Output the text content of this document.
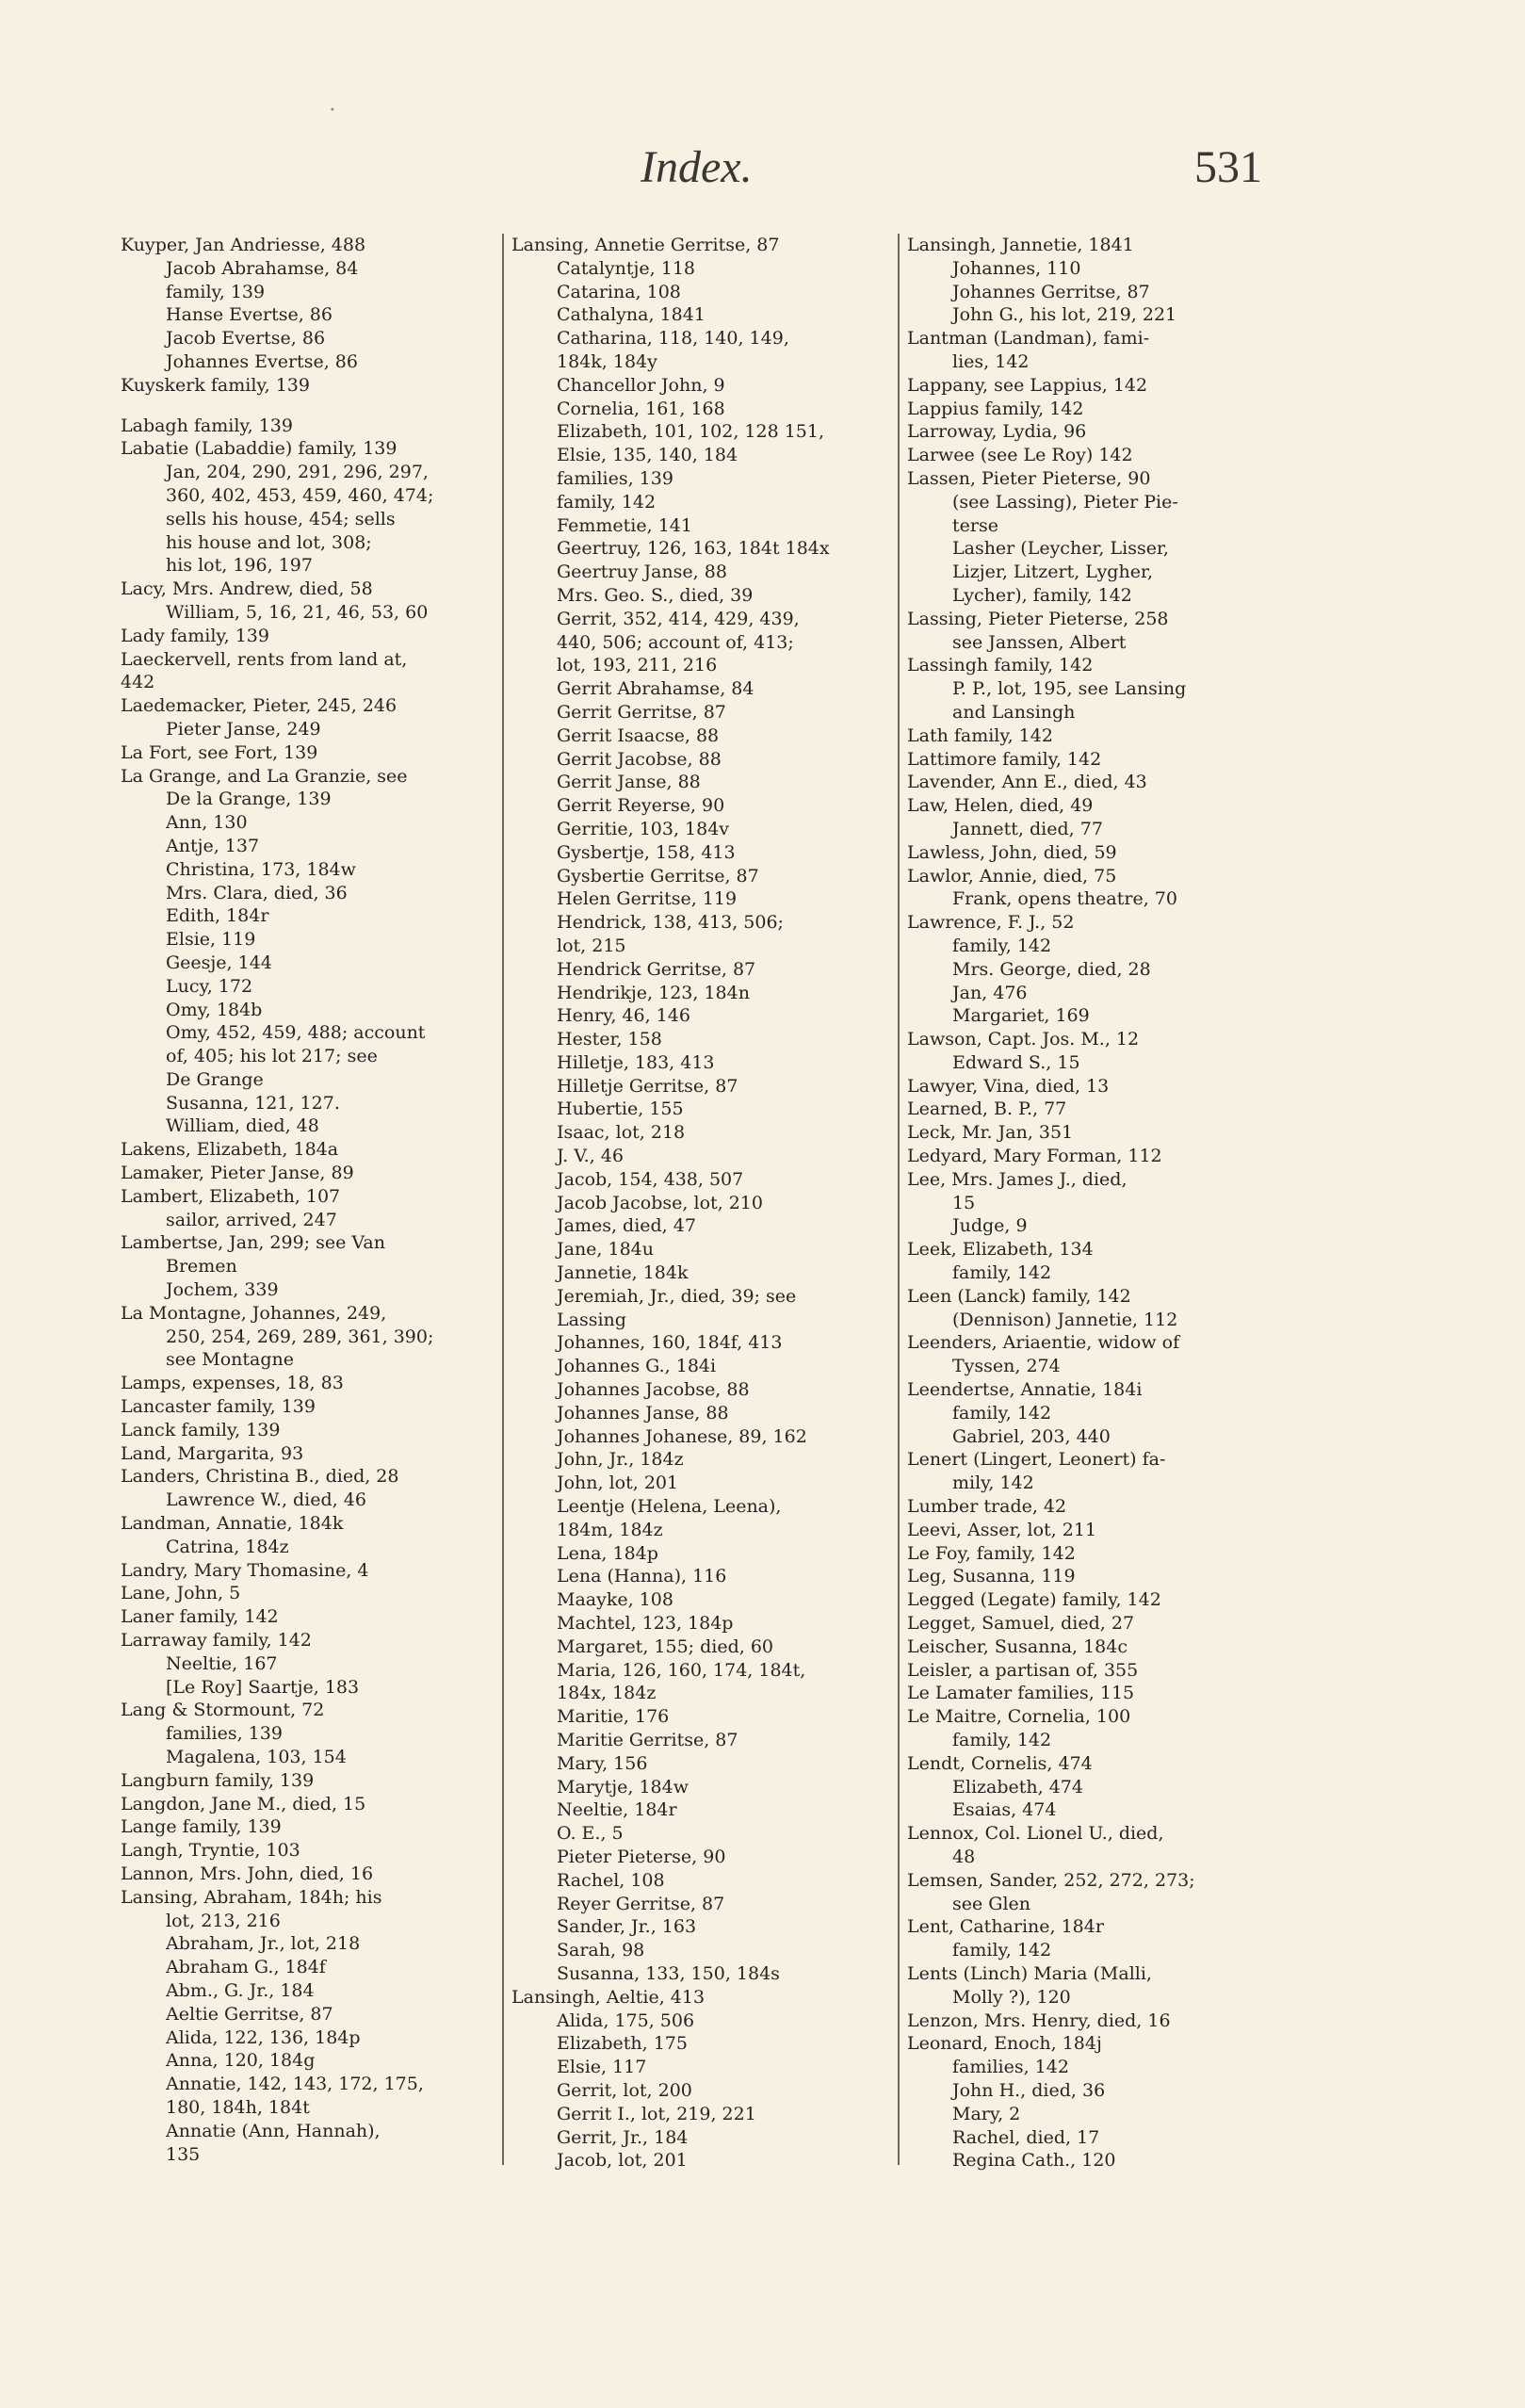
Index.	531
Kuyper, Jan Andriesse, 488
Jacob Abrahamse, 84
family, 139
Hanse Evertse, 86
Jacob Evertse, 86
Johannes Evertse, 86
Kuyskerk family, 139
Labagh family, 139
Labatie (Labaddie) family, 139
Jan, 204, 290, 291, 296, 297,
360, 402, 453, 459, 460, 474;
sells his house, 454; sells
his house and lot, 308;
his lot, 196, 197
Lacy, Mrs. Andrew, died, 58
William, 5, 16, 21, 46, 53, 60
Lady family, 139
Laeckervell, rents from land at,
442
Laedemacker, Pieter, 245, 246
Pieter Janse, 249
La Fort, see Fort, 139
La Grange, and La Granzie, see
De la Grange, 139
Ann, 130
Antje, 137
Christina, 173, 184w
Mrs. Clara, died, 36
Edith, 184r
Elsie, 119
Geesje, 144
Lucy, 172
Omy, 184b
Omy, 452, 459, 488; account
of, 405; his lot 217; see
De Grange
Susanna, 121, 127.
William, died, 48
Lakens, Elizabeth, 184a
Lamaker, Pieter Janse, 89
Lambert, Elizabeth, 107
sailor, arrived, 247
Lambertse, Jan, 299; see Van
Bremen
Jochem, 339
La Montagne, Johannes, 249,
250, 254, 269, 289, 361, 390;
see Montagne
Lamps, expenses, 18, 83
Lancaster family, 139
Lanck family, 139
Land, Margarita, 93
Landers, Christina B., died, 28
Lawrence W., died, 46
Landman, Annatie, 184k
Catrina, 184z
Landry, Mary Thomasine, 4
Lane, John, 5
Laner family, 142
Larraway family, 142
Neeltie, 167
[Le Roy] Saartje, 183
Lang & Stormount, 72
families, 139
Magalena, 103, 154
Langburn family, 139
Langdon, Jane M., died, 15
Lange family, 139
Langh, Tryntie, 103
Lannon, Mrs. John, died, 16
Lansing, Abraham, 184h; his
lot, 213, 216
Abraham, Jr., lot, 218
Abraham G., 184f
Abm., G. Jr., 184
Aeltie Gerritse, 87
Alida, 122, 136, 184p
Anna, 120, 184g
Annatie, 142, 143, 172, 175,
180, 184h, 184t
Annatie (Ann, Hannah),
135
Lansing, Annetie Gerritse, 87
Catalyntje, 118
Catarina, 108
Cathalyna, 1841
Catharina, 118, 140, 149,
184k, 184y
Chancellor John, 9
Cornelia, 161, 168
Elizabeth, 101, 102, 128 151,
Elsie, 135, 140, 184
families, 139
family, 142
Femmetie, 141
Geertruy, 126, 163, 184t 184x
Geertruy Janse, 88
Mrs. Geo. S., died, 39
Gerrit, 352, 414, 429, 439,
440, 506; account of, 413;
lot, 193, 211, 216
Gerrit Abrahamse, 84
Gerrit Gerritse, 87
Gerrit Isaacse, 88
Gerrit Jacobse, 88
Gerrit Janse, 88
Gerrit Reyerse, 90
Gerritie, 103, 184v
Gysbertje, 158, 413
Gysbertie Gerritse, 87
Helen Gerritse, 119
Hendrick, 138, 413, 506;
lot, 215
Hendrick Gerritse, 87
Hendrikje, 123, 184n
Henry, 46, 146
Hester, 158
Hilletje, 183, 413
Hilletje Gerritse, 87
Hubertie, 155
Isaac, lot, 218
J. V., 46
Jacob, 154, 438, 507
Jacob Jacobse, lot, 210
James, died, 47
Jane, 184u
Jannetie, 184k
Jeremiah, Jr., died, 39; see
Lassing
Johannes, 160, 184f, 413
Johannes G., 184i
Johannes Jacobse, 88
Johannes Janse, 88
Johannes Johanese, 89, 162
John, Jr., 184z
John, lot, 201
Leentje (Helena, Leena),
184m, 184z
Lena, 184p
Lena (Hanna), 116
Maayke, 108
Machtel, 123, 184p
Margaret, 155; died, 60
Maria, 126, 160, 174, 184t,
184x, 184z
Maritie, 176
Maritie Gerritse, 87
Mary, 156
Marytje, 184w
Neeltie, 184r
O. E., 5
Pieter Pieterse, 90
Rachel, 108
Reyer Gerritse, 87
Sander, Jr., 163
Sarah, 98
Susanna, 133, 150, 184s
Lansingh, Aeltie, 413
Alida, 175, 506
Elizabeth, 175
Elsie, 117
Gerrit, lot, 200
Gerrit I., lot, 219, 221
Gerrit, Jr., 184
Jacob, lot, 201
Lansingh, Jannetie, 1841
Johannes, 110
Johannes Gerritse, 87
John G., his lot, 219, 221
Lantman (Landman), fami-
lies, 142
Lappany, see Lappius, 142
Lappius family, 142
Larroway, Lydia, 96
Larwee (see Le Roy) 142
Lassen, Pieter Pieterse, 90
(see Lassing), Pieter Pie-
terse
Lasher (Leycher, Lisser,
Lizjer, Litzert, Lygher,
Lycher), family, 142
Lassing, Pieter Pieterse, 258
see Janssen, Albert
Lassingh family, 142
P. P., lot, 195, see Lansing
and Lansingh
Lath family, 142
Lattimore family, 142
Lavender, Ann E., died, 43
Law, Helen, died, 49
Jannett, died, 77
Lawless, John, died, 59
Lawlor, Annie, died, 75
Frank, opens theatre, 70
Lawrence, F. J., 52
family, 142
Mrs. George, died, 28
Jan, 476
Margariet, 169
Lawson, Capt. Jos. M., 12
Edward S., 15
Lawyer, Vina, died, 13
Learned, B. P., 77
Leck, Mr. Jan, 351
Ledyard, Mary Forman, 112
Lee, Mrs. James J., died,
15
Judge, 9
Leek, Elizabeth, 134
family, 142
Leen (Lanck) family, 142
(Dennison) Jannetie, 112
Leenders, Ariaentie, widow of
Tyssen, 274
Leendertse, Annatie, 184i
family, 142
Gabriel, 203, 440
Lenert (Lingert, Leonert) fa-
mily, 142
Lumber trade, 42
Leevi, Asser, lot, 211
Le Foy, family, 142
Leg, Susanna, 119
Legged (Legate) family, 142
Legget, Samuel, died, 27
Leischer, Susanna, 184c
Leisler, a partisan of, 355
Le Lamater families, 115
Le Maitre, Cornelia, 100
family, 142
Lendt, Cornelis, 474
Elizabeth, 474
Esaias, 474
Lennox, Col. Lionel U., died,
48
Lemsen, Sander, 252, 272, 273;
see Glen
Lent, Catharine, 184r
family, 142
Lents (Linch) Maria (Malli,
Molly ?), 120
Lenzon, Mrs. Henry, died, 16
Leonard, Enoch, 184j
families, 142
John H., died, 36
Mary, 2
Rachel, died, 17
Regina Cath., 120
•
